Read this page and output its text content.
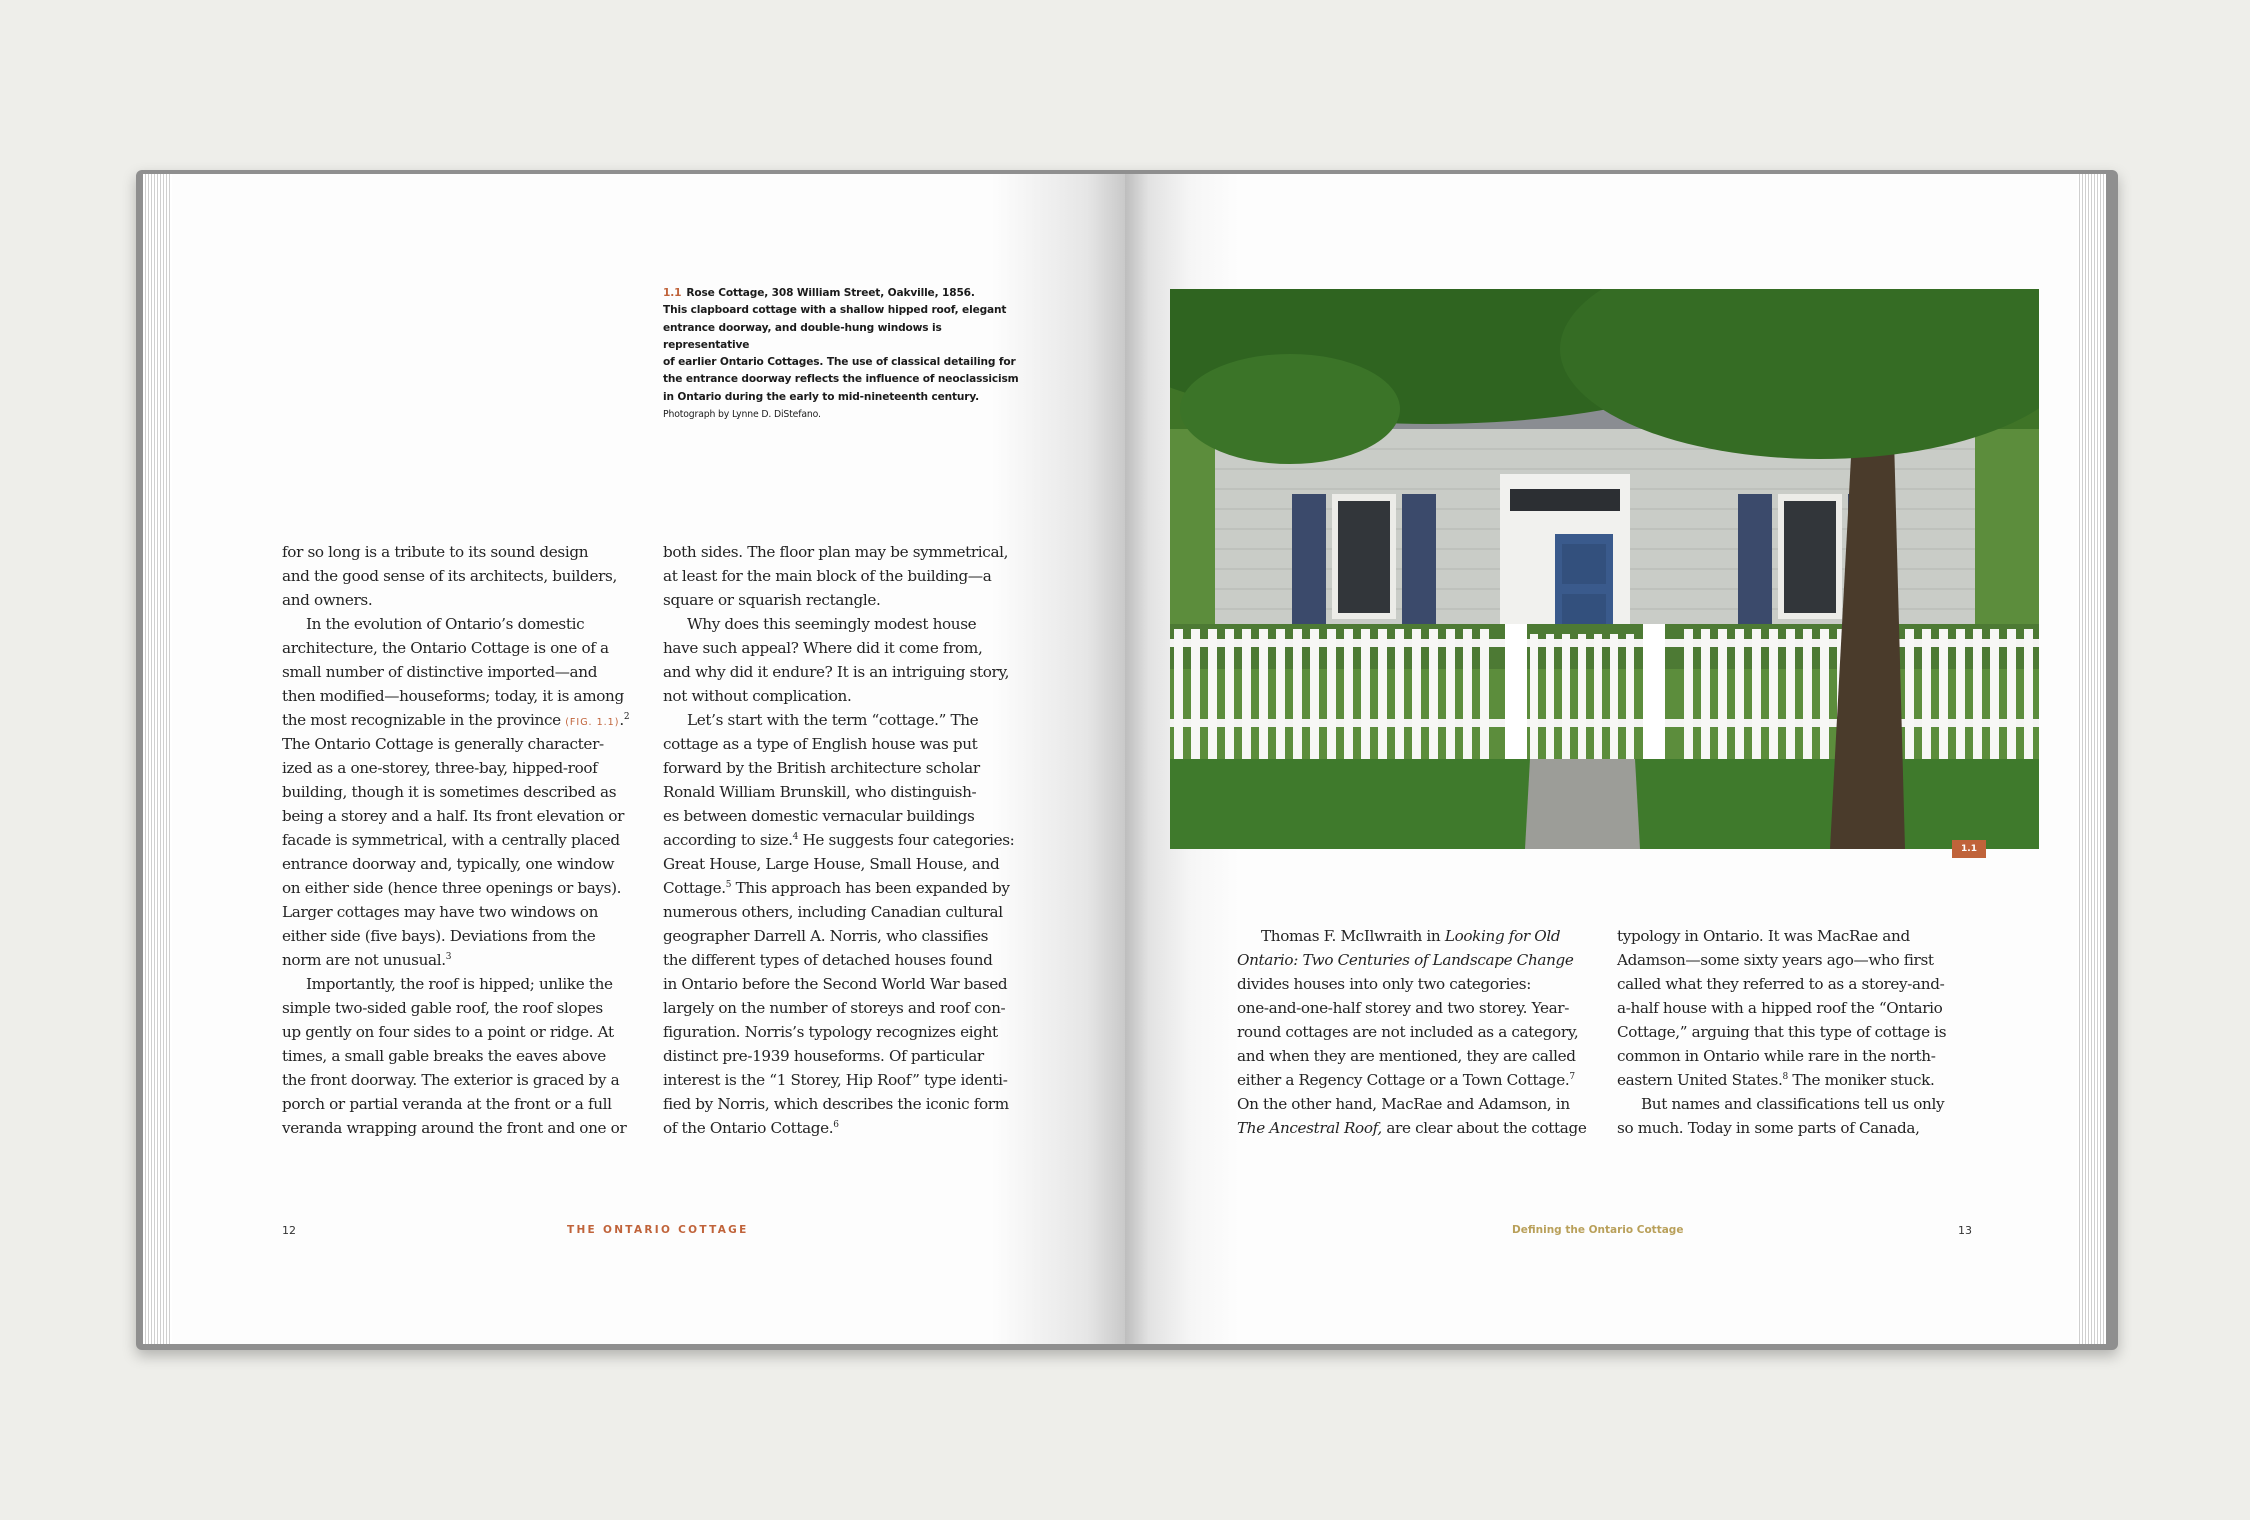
1.1 Rose Cottage, 308 William Street, Oakville, 1856.
This clapboard cottage with a shallow hipped roof, elegant
entrance doorway, and double-hung windows is representative
of earlier Ontario Cottages. The use of classical detailing for
the entrance doorway reflects the influence of neoclassicism
in Ontario during the early to mid-nineteenth century.
Photograph by Lynne D. DiStefano.
for so long is a tribute to its sound design
and the good sense of its architects, builders,
and owners.
In the evolution of Ontario’s domestic
architecture, the Ontario Cottage is one of a
small number of distinctive imported—and
then modified—houseforms; today, it is among
the most recognizable in the province (FIG. 1.1).$^2$
The Ontario Cottage is generally character-
ized as a one-storey, three-bay, hipped-roof
building, though it is sometimes described as
being a storey and a half. Its front elevation or
facade is symmetrical, with a centrally placed
entrance doorway and, typically, one window
on either side (hence three openings or bays).
Larger cottages may have two windows on
either side (five bays). Deviations from the
norm are not unusual.$^3$
Importantly, the roof is hipped; unlike the
simple two-sided gable roof, the roof slopes
up gently on four sides to a point or ridge. At
times, a small gable breaks the eaves above
the front doorway. The exterior is graced by a
porch or partial veranda at the front or a full
veranda wrapping around the front and one or
both sides. The floor plan may be symmetrical,
at least for the main block of the building—a
square or squarish rectangle.
Why does this seemingly modest house
have such appeal? Where did it come from,
and why did it endure? It is an intriguing story,
not without complication.
Let’s start with the term “cottage.” The
cottage as a type of English house was put
forward by the British architecture scholar
Ronald William Brunskill, who distinguish-
es between domestic vernacular buildings
according to size.$^4$ He suggests four categories:
Great House, Large House, Small House, and
Cottage.$^5$ This approach has been expanded by
numerous others, including Canadian cultural
geographer Darrell A. Norris, who classifies
the different types of detached houses found
in Ontario before the Second World War based
largely on the number of storeys and roof con-
figuration. Norris’s typology recognizes eight
distinct pre-1939 houseforms. Of particular
interest is the “1 Storey, Hip Roof” type identi-
fied by Norris, which describes the iconic form
of the Ontario Cottage.$^6$
12	THE ONTARIO COTTAGE
1.1
Thomas F. McIlwraith in Looking for Old
Ontario: Two Centuries of Landscape Change
divides houses into only two categories:
one-and-one-half storey and two storey. Year-
round cottages are not included as a category,
and when they are mentioned, they are called
either a Regency Cottage or a Town Cottage.$^7$
On the other hand, MacRae and Adamson, in
The Ancestral Roof, are clear about the cottage
typology in Ontario. It was MacRae and
Adamson—some sixty years ago—who first
called what they referred to as a storey-and-
a-half house with a hipped roof the “Ontario
Cottage,” arguing that this type of cottage is
common in Ontario while rare in the north-
eastern United States.$^8$ The moniker stuck.
But names and classifications tell us only
so much. Today in some parts of Canada,
Defining the Ontario Cottage	13
